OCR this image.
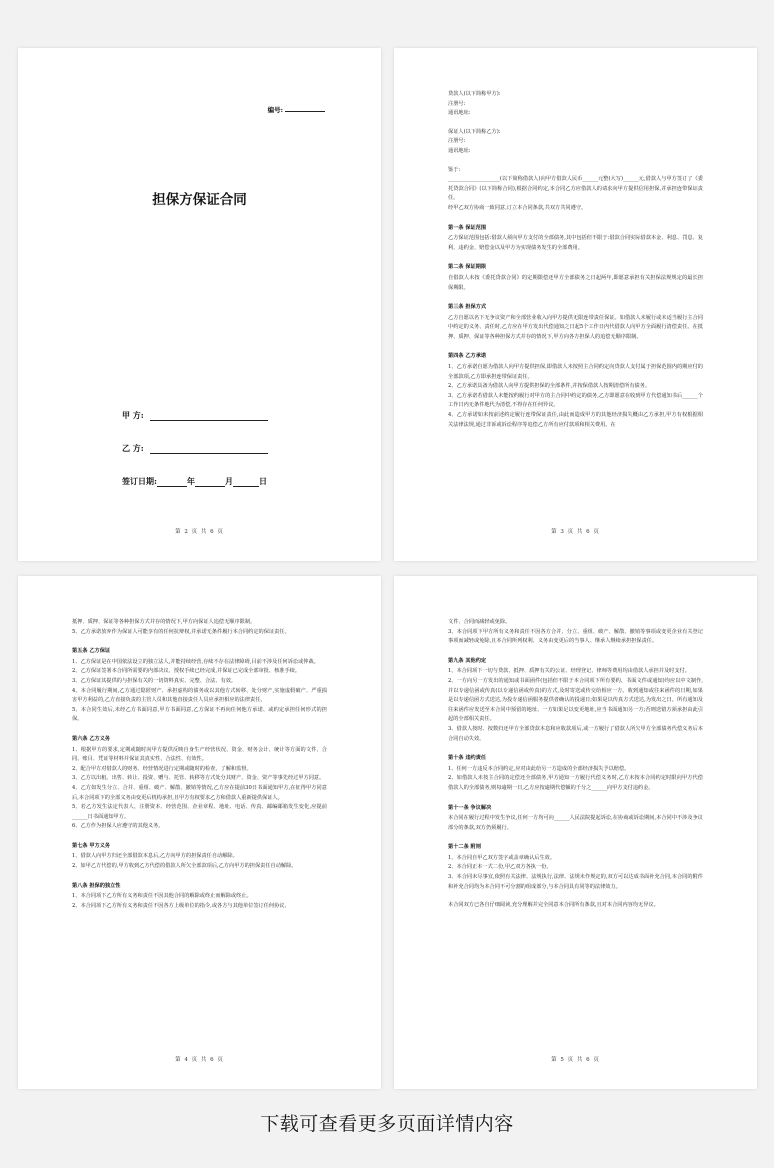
编号:
担保方保证合同
甲 方:
乙 方:
签订日期:	年	月	日
第 2 页 共 6 页

贷款人(以下简称甲方):

注册号:

通讯地址:

保证人(以下简称乙方):

注册号:

通讯地址:

鉴于:

____________________(以下简称借款人)向甲方借款人民币______元整(大写)______元,借款人与甲方签订了《委托贷款合同》(以下简称合同),根据合同约定,本合同乙方应借款人的请求向甲方提供信用担保,并承担连带保证责任。

经甲乙双方协商一致同意,订立本合同条款,共双方共同遵守。

第一条 保证范围

乙方保证范围包括:借款人须向甲方支付的全部债务,其中包括但不限于:借款合同实际借款本金、利息、罚息、复利、违约金、赔偿金以及甲方为实现债务发生的全部费用。

第二条 保证期限

自借款人未按《委托贷款合同》的定期限偿还甲方全部债务之日起两年,即愿意承担有关担保法规规定的最长担保期限。

第三条 担保方式

乙方自愿以名下无争议资产和全部营业收入向甲方提供无限连带责任保证。如借款人未履行或未适当履行主合同中约定的义务、责任时,乙方应在甲方发出代偿通知之日起5个工作日内代借款人向甲方全面履行清偿责任。在抵押、质押、保证等各种担保方式并存的情况下,甲方向各方担保人的追偿无顺序限制。

第四条 乙方承诺

1、乙方承诺自愿为借款人向甲方提供担保,即借款人未按照主合同约定向贷款人支付属于担保范围内的期应付的全部款项,乙方即承担连带保证责任。

2、乙方承诺具备为借款人向甲方提供担保的全部条件,并按保借款人按期清偿所有债务。

3、乙方承诺若借款人未能按约履行对甲方的主合同中约定的债务,乙方即愿意在收到甲方代偿通知书后______个工作日内无条件地代为清偿,不得存在任何异议。

4、乙方承诺如未按前述约定履行连带保证责任,由此而造成甲方的其他经济损失概由乙方承担,甲方有权根据相关法律法规,通过非诉或诉讼程序等追偿乙方所有应付款项和相关费用。在

第 3 页 共 6 页

抵押、质押、保证等各种担保方式并存的情况下,甲方向保证人追偿无顺序限制。

5、乙方承诺放弃作为保证人可能享有的任何抗辩权,并承诺无条件履行本合同约定的保证责任。

第五条 乙方保证

1、乙方保证是在中国依法设立的独立法人,并能持续经营,存续不存在法律障碍,目前不涉及任何诉讼或仲裁。

2、乙方保证签署本合同所需要的内部决议、授权手续已经完成,并保证已完成全部审批、核准手续。

3、乙方保证其提供的与担保有关的一切资料真实、完整、合法、有效。

4、本合同履行期间,乙方通过隐匿财产、承担虚构的债务或以其他方式转移、处分财产,实施虚假破产、严重损害甲方利益的,乙方直接负责的主管人员和其他直接责任人员应承担相应的法律责任。

5、本合同生效后,未经乙方书面同意,甲方书面同意,乙方保证不再向任何他方承诺、或约定承担任何形式的担保。

第六条 乙方义务

1、根据甲方的要求,定期或随时向甲方提供反映自身生产经营状况、资金、财务会计、统计等方面的文件、合同、账目、凭证等材料并保证其真实性、合法性、有效性。

2、配合甲方对借款人的财务、经营情况进行定期或随时的检查、了解和监督。

3、乙方以出租、出售、转让、投资、赠与、托管、转移等方式处分其财产、资金、资产等事先经过甲方同意。

4、乙方如发生分立、合并、重组、破产、解散、撤销等情况,乙方应在提前30日书面通知甲方,在征得甲方同意后,本合同项下的全部义务由变更后机构承担,且甲方有权要求乙方和借款人重新提供保证人。

5、若乙方发生法定代表人、注册资本、经营范围、企业章程、地址、电话、传真、邮编邮箱发生变化,应提前______日书面通知甲方。

6、乙方作为担保人应遵守的其他义务。

第七条 甲方义务

1、借款人向甲方归还全部借款本息后,乙方向甲方的担保责任自动解除。

2、如甲乙方代偿的,甲方收到乙方代偿的借款人所欠全部款项后,乙方向甲方的担保责任自动解除。

第八条 担保的独立性

1、本合同项下乙方所有义务和责任不因其他合同的解除或终止而解除或终止。

2、本合同项下乙方所有义务和责任不因各方上级单位的指令,或各方与其他单位签订任何协议、

第 4 页 共 6 页

文件、合同而减轻或免除。

3、本合同项下甲方所有义务和责任不因各方合并、分立、重组、破产、解散、撤销等事项或变更企业有关登记事项而减轻或免除,且本合同所列权利、义务由变更后的当事人、继承人继续承担担保责任。

第九条 其他约定

1、本合同项下一切与贷款、抵押、质押有关的公证、经理登记、律师等费用均由借款人承担并及时支付。

2、一方向另一方发出的通知或书面函件(包括但不限于本合同项下所有要约、书面文件或通知)均应以中文制作,并以专递信函或传真(以专递信函或传真)的方式,及时寄送或传交给相应一方。收到通知或往来函件的日期,如果是以专递信函方式送达,为投专递信函服务提供者确认的投递日;如果是以传真方式送达,为发出之日。所有通知及往来函件应发送至本合同中预留的地址、一方如果足以变更地址,应当书面通知另一方;否则送错方须承担由此引起的全部相关责任。

3、借款人按时、按数归还甲方全部贷款本息和应收款项后,或一方履行了借款人所欠甲方全部债务代偿义务后本合同自动失效。

第十条 违约责任

1、任何一方违反本合同约定,应对由此给另一方造成的全部经济损失予以赔偿。

2、如借款人未按主合同的定偿还全部债务,甲方通知一方履行代偿义务时,乙方未按本合同约定时限向甲方代偿借款人的全部债务,则每逾期一日,乙方应按逾期代偿额的千分之______向甲方支付违约金。

第十一条 争议解决

本合同在履行过程中发生争议,任何一方均可向______人民法院提起诉讼,在协商或诉讼期间,本合同中不涉及争议部分的条款,双方仍须履行。

第十二条 附则

1、本合同自甲乙双方签字或盖章确认后生效。

2、本合同正本一式二份,甲乙双方各执一份。

3、本合同未尽事宜,依照有关法律、法规执行,法律、法规未作规定的,双方可以达成书面补充合同,本合同的附件和补充合同均为本合同不可分割的组成部分,与本合同具有同等的法律效力。

本合同双方已各自仔细阅读,充分理解并完全同意本合同所有条款,且对本合同内容均无异议。

第 5 页 共 6 页
下载可查看更多页面详情内容
